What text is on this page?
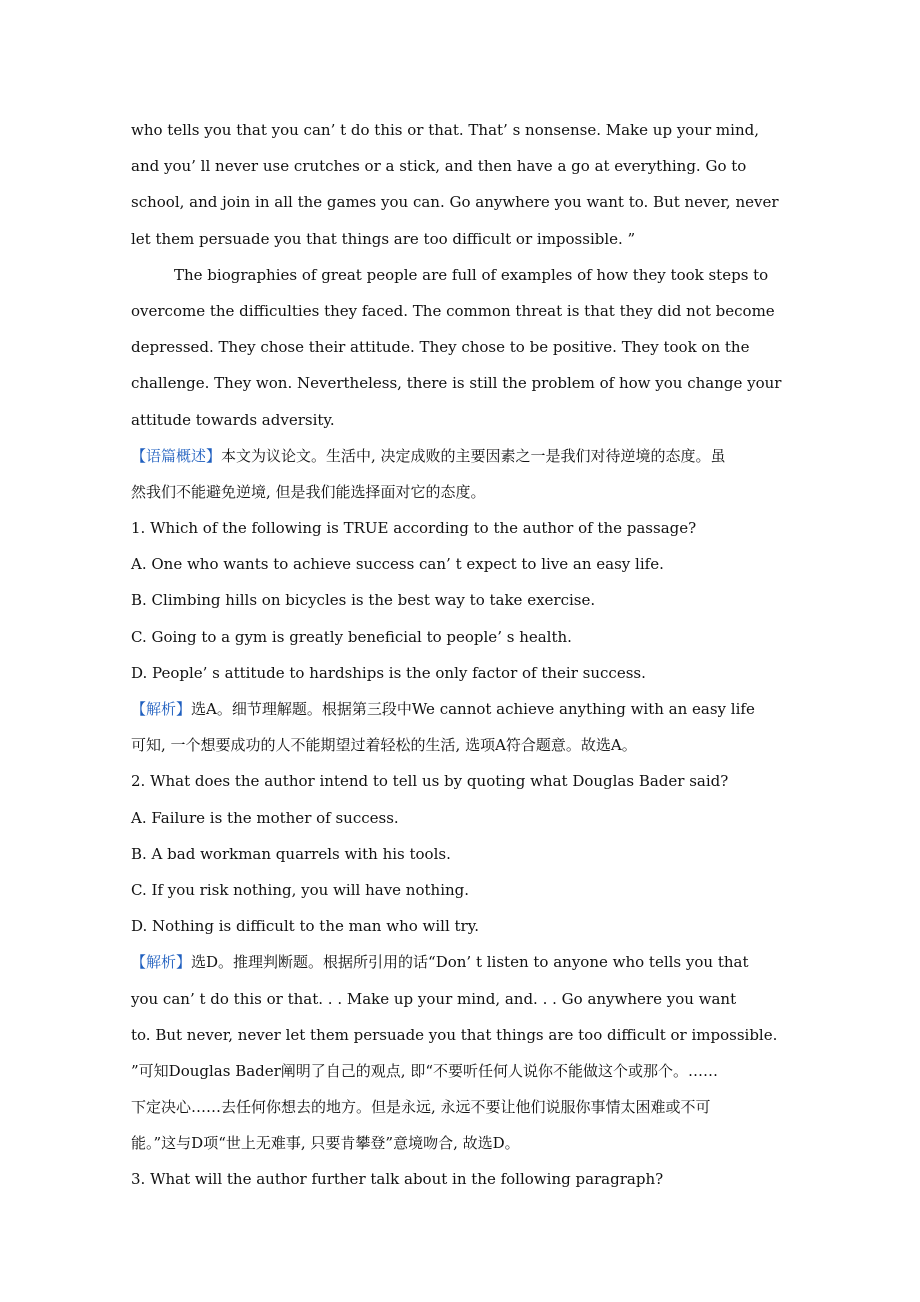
who tells you that you can’ t do this or that. That’ s nonsense. Make up your mind,
and you’ ll never use crutches or a stick, and then have a go at everything. Go to
school, and join in all the games you can. Go anywhere you want to. But never, never
let them persuade you that things are too difficult or impossible. ”
The biographies of great people are full of examples of how they took steps to
overcome the difficulties they faced. The common threat is that they did not become
depressed. They chose their attitude. They chose to be positive. They took on the
challenge. They won. Nevertheless, there is still the problem of how you change your
attitude towards adversity.
【语篇概述】本文为议论文。生活中, 决定成败的主要因素之一是我们对待逆境的态度。虽
然我们不能避免逆境, 但是我们能选择面对它的态度。
1. Which of the following is TRUE according to the author of the passage?
A. One who wants to achieve success can’ t expect to live an easy life.
B. Climbing hills on bicycles is the best way to take exercise.
C. Going to a gym is greatly beneficial to people’ s health.
D. People’ s attitude to hardships is the only factor of their success.
【解析】选A。细节理解题。根据第三段中We cannot achieve anything with an easy life
可知, 一个想要成功的人不能期望过着轻松的生活, 选项A符合题意。故选A。
2. What does the author intend to tell us by quoting what Douglas Bader said?
A. Failure is the mother of success.
B. A bad workman quarrels with his tools.
C. If you risk nothing, you will have nothing.
D. Nothing is difficult to the man who will try.
【解析】选D。推理判断题。根据所引用的话“Don’ t listen to anyone who tells you that
you can’ t do this or that. . . Make up your mind, and. . . Go anywhere you want
to. But never, never let them persuade you that things are too difficult or impossible.
”可知Douglas Bader阐明了自己的观点, 即“不要听任何人说你不能做这个或那个。……
下定决心……去任何你想去的地方。但是永远, 永远不要让他们说服你事情太困难或不可
能。”这与D项“世上无难事, 只要肯攀登”意境吻合, 故选D。
3. What will the author further talk about in the following paragraph?
